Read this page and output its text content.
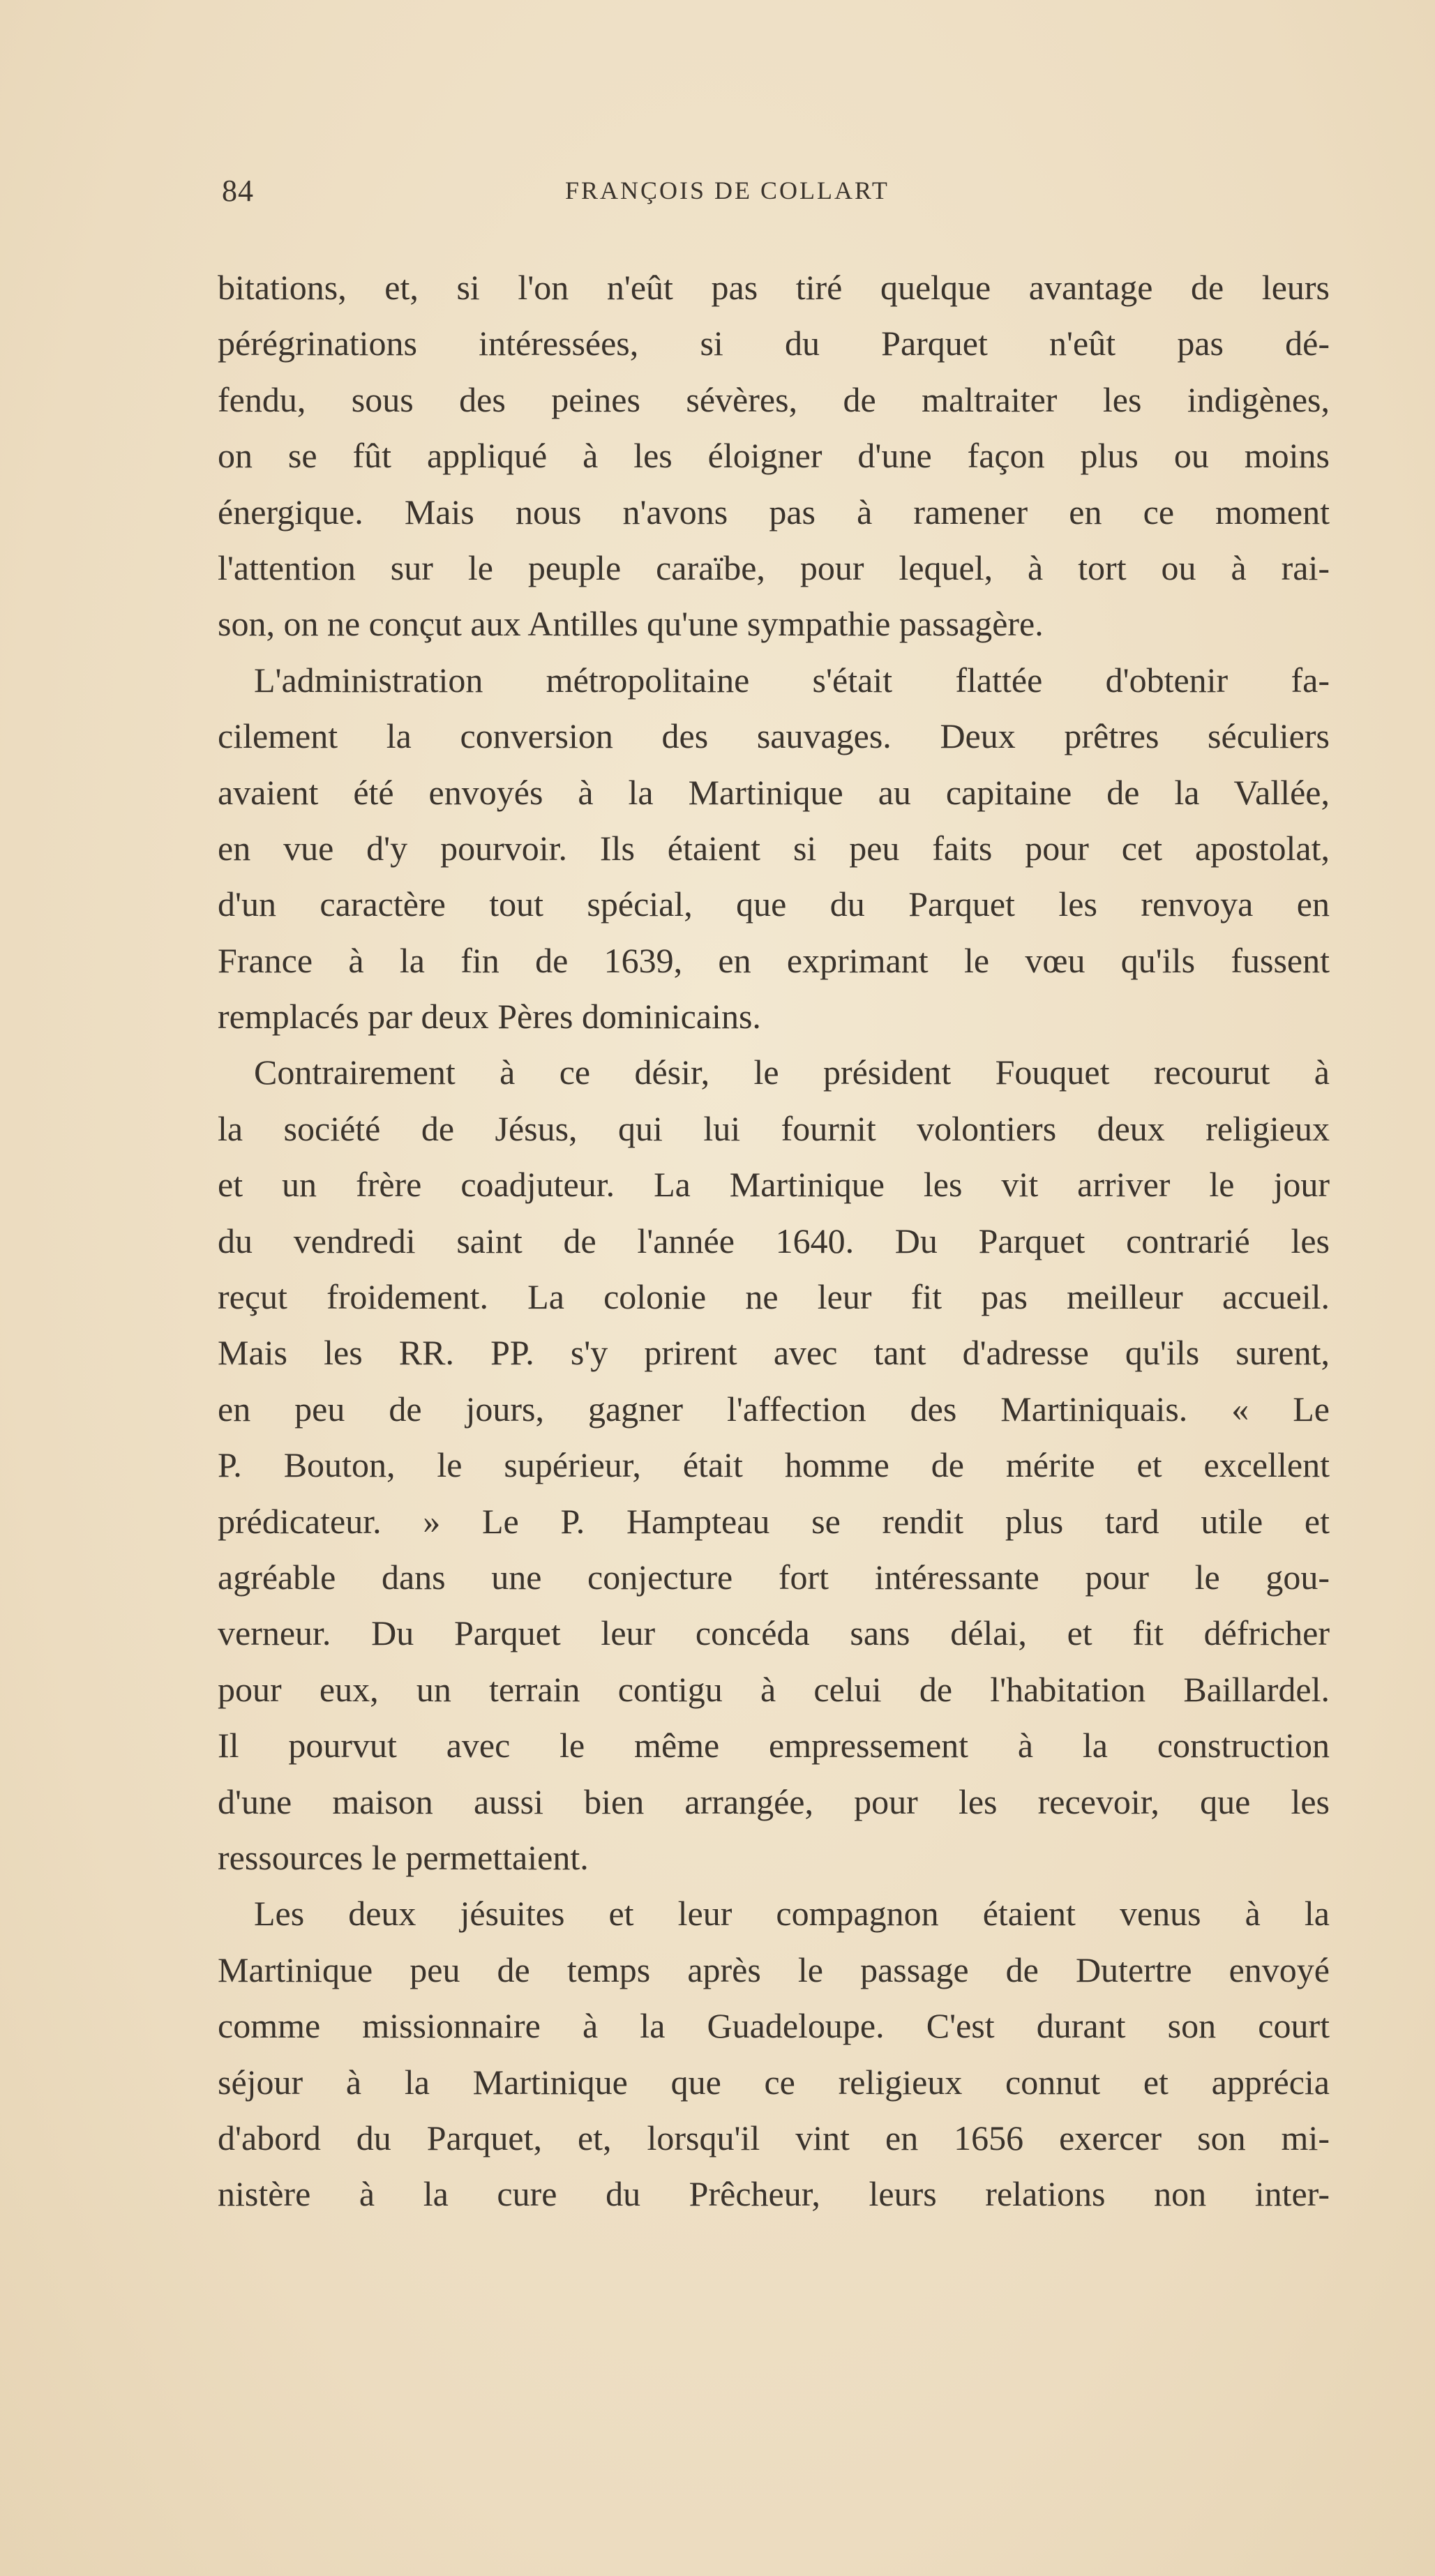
84	FRANÇOIS DE COLLART
bitations, et, si l'on n'eût pas tiré quelque avantage de leurs
pérégrinations intéressées, si du Parquet n'eût pas dé-
fendu, sous des peines sévères, de maltraiter les indigènes,
on se fût appliqué à les éloigner d'une façon plus ou moins
énergique. Mais nous n'avons pas à ramener en ce moment
l'attention sur le peuple caraïbe, pour lequel, à tort ou à rai-
son, on ne conçut aux Antilles qu'une sympathie passagère.
L'administration métropolitaine s'était flattée d'obtenir fa-
cilement la conversion des sauvages. Deux prêtres séculiers
avaient été envoyés à la Martinique au capitaine de la Vallée,
en vue d'y pourvoir. Ils étaient si peu faits pour cet apostolat,
d'un caractère tout spécial, que du Parquet les renvoya en
France à la fin de 1639, en exprimant le vœu qu'ils fussent
remplacés par deux Pères dominicains.
Contrairement à ce désir, le président Fouquet recourut à
la société de Jésus, qui lui fournit volontiers deux religieux
et un frère coadjuteur. La Martinique les vit arriver le jour
du vendredi saint de l'année 1640. Du Parquet contrarié les
reçut froidement. La colonie ne leur fit pas meilleur accueil.
Mais les RR. PP. s'y prirent avec tant d'adresse qu'ils surent,
en peu de jours, gagner l'affection des Martiniquais. « Le
P. Bouton, le supérieur, était homme de mérite et excellent
prédicateur. » Le P. Hampteau se rendit plus tard utile et
agréable dans une conjecture fort intéressante pour le gou-
verneur. Du Parquet leur concéda sans délai, et fit défricher
pour eux, un terrain contigu à celui de l'habitation Baillardel.
Il pourvut avec le même empressement à la construction
d'une maison aussi bien arrangée, pour les recevoir, que les
ressources le permettaient.
Les deux jésuites et leur compagnon étaient venus à la
Martinique peu de temps après le passage de Dutertre envoyé
comme missionnaire à la Guadeloupe. C'est durant son court
séjour à la Martinique que ce religieux connut et apprécia
d'abord du Parquet, et, lorsqu'il vint en 1656 exercer son mi-
nistère à la cure du Prêcheur, leurs relations non inter-
